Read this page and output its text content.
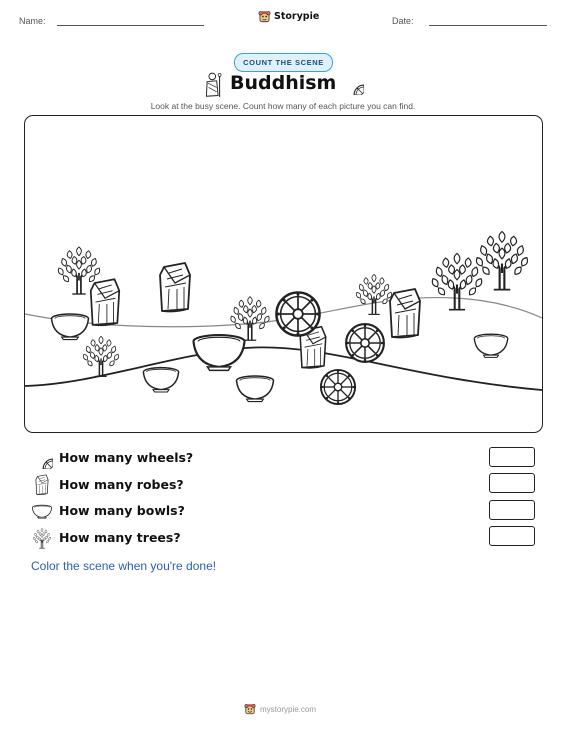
Name:	Storypie	Date:
COUNT THE SCENE
Buddhism
Look at the busy scene. Count how many of each picture you can find.
How many wheels?
How many robes?
How many bowls?
How many trees?
Color the scene when you're done!
mystorypie.com
